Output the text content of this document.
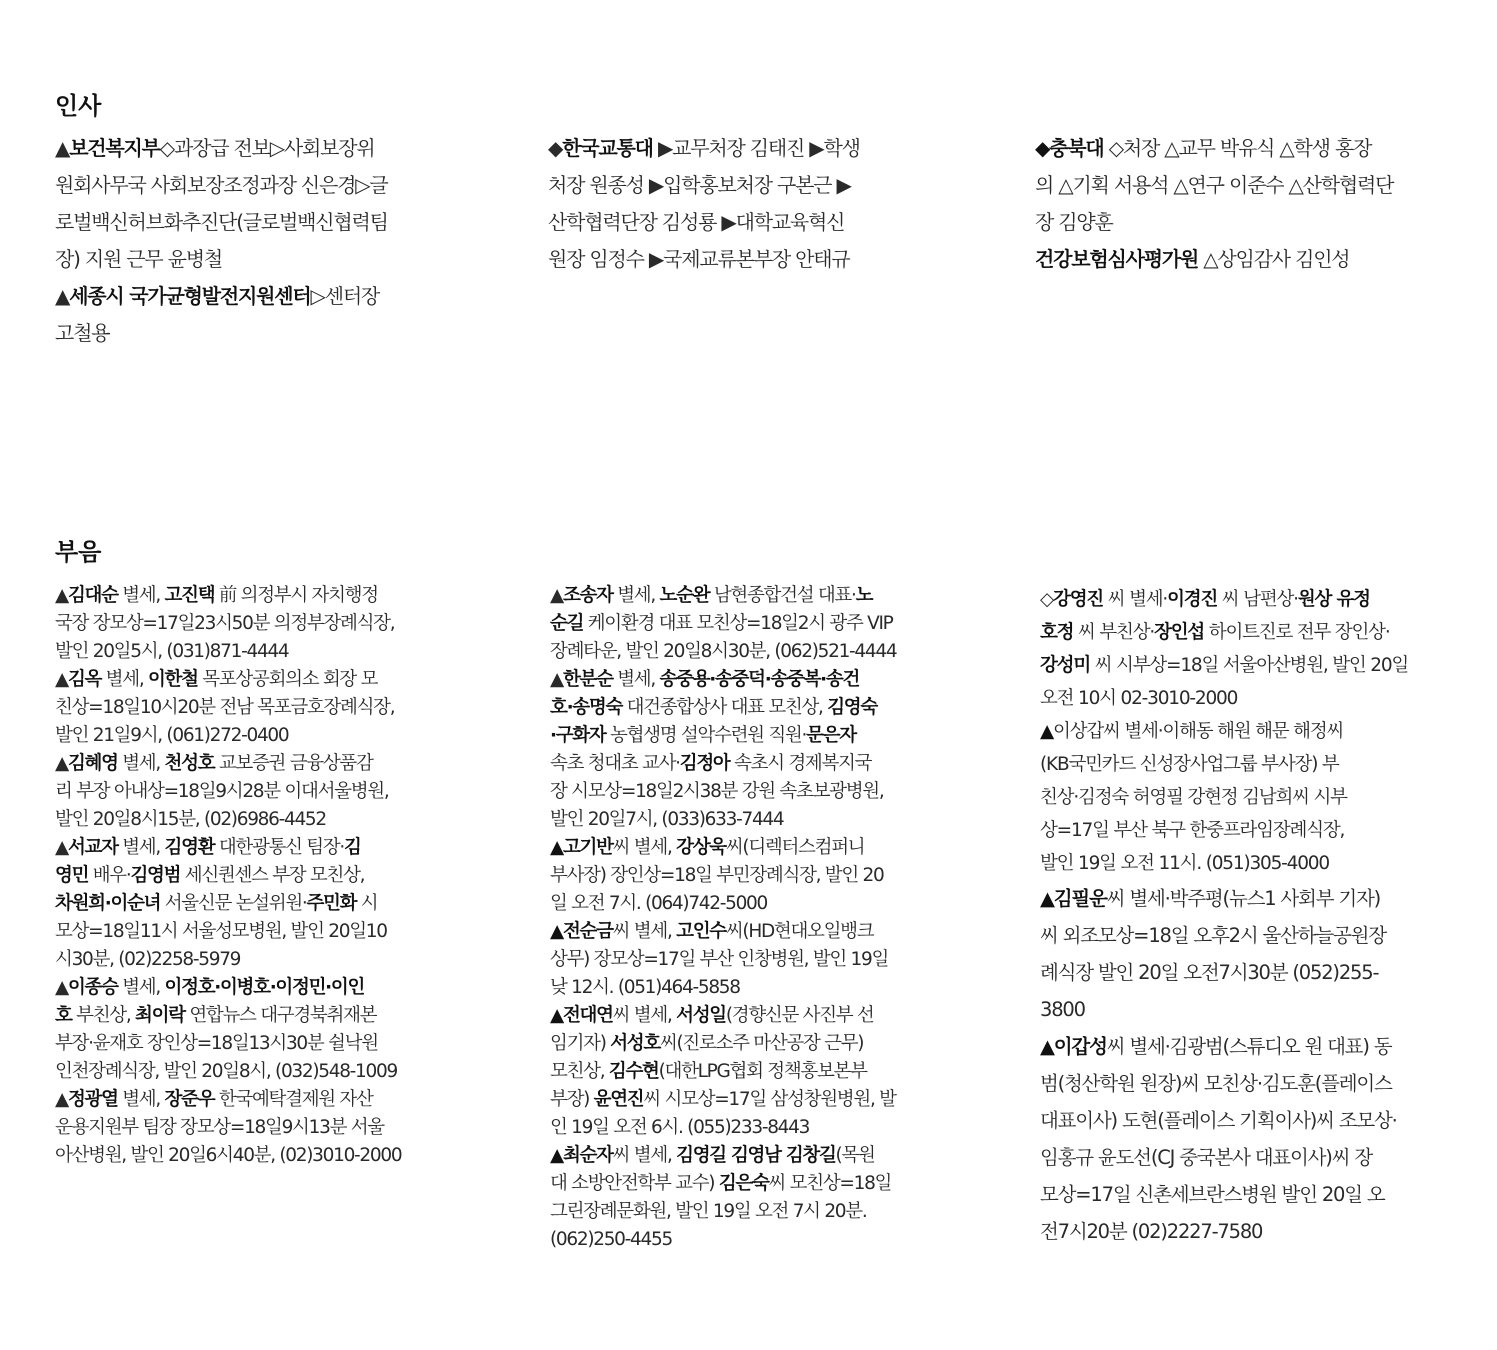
인사
▲보건복지부◇과장급 전보▷사회보장위
원회사무국 사회보장조정과장 신은경▷글
로벌백신허브화추진단(글로벌백신협력팀
장) 지원 근무 윤병철
▲세종시 국가균형발전지원센터▷센터장
고철용
◆한국교통대 ▶교무처장 김태진 ▶학생
처장 원종성 ▶입학홍보처장 구본근 ▶
산학협력단장 김성룡 ▶대학교육혁신
원장 임정수 ▶국제교류본부장 안태규
◆충북대 ◇처장 △교무 박유식 △학생 홍장
의 △기획 서용석 △연구 이준수 △산학협력단
장 김양훈
건강보험심사평가원 △상임감사 김인성
부음
▲김대순 별세, 고진택 前 의정부시 자치행정
국장 장모상=17일23시50분 의정부장례식장,
발인 20일5시, (031)871-4444
▲김옥 별세, 이한철 목포상공회의소 회장 모
친상=18일10시20분 전남 목포금호장례식장,
발인 21일9시, (061)272-0400
▲김혜영 별세, 천성호 교보증권 금융상품감
리 부장 아내상=18일9시28분 이대서울병원,
발인 20일8시15분, (02)6986-4452
▲서교자 별세, 김영환 대한광통신 팀장·김
영민 배우·김영범 세신퀀센스 부장 모친상,
차원희·이순녀 서울신문 논설위원·주민화 시
모상=18일11시 서울성모병원, 발인 20일10
시30분, (02)2258-5979
▲이종승 별세, 이정호·이병호·이정민·이인
호 부친상, 최이락 연합뉴스 대구경북취재본
부장·윤재호 장인상=18일13시30분 쉴낙원
인천장례식장, 발인 20일8시, (032)548-1009
▲정광열 별세, 장준우 한국예탁결제원 자산
운용지원부 팀장 장모상=18일9시13분 서울
아산병원, 발인 20일6시40분, (02)3010-2000
▲조송자 별세, 노순완 남현종합건설 대표·노
순길 케이환경 대표 모친상=18일2시 광주 VIP
장례타운, 발인 20일8시30분, (062)521-4444
▲한분순 별세, 송중용·송중덕·송중복·송건
호·송명숙 대건종합상사 대표 모친상, 김영숙
·구화자 농협생명 설악수련원 직원·문은자
속초 청대초 교사·김정아 속초시 경제복지국
장 시모상=18일2시38분 강원 속초보광병원,
발인 20일7시, (033)633-7444
▲고기반씨 별세, 강상욱씨(디렉터스컴퍼니
부사장) 장인상=18일 부민장례식장, 발인 20
일 오전 7시. (064)742-5000
▲전순금씨 별세, 고인수씨(HD현대오일뱅크
상무) 장모상=17일 부산 인창병원, 발인 19일
낮 12시. (051)464-5858
▲전대연씨 별세, 서성일(경향신문 사진부 선
임기자) 서성호씨(진로소주 마산공장 근무)
모친상, 김수현(대한LPG협회 정책홍보본부
부장) 윤연진씨 시모상=17일 삼성창원병원, 발
인 19일 오전 6시. (055)233-8443
▲최순자씨 별세, 김영길 김영남 김창길(목원
대 소방안전학부 교수) 김은숙씨 모친상=18일
그린장례문화원, 발인 19일 오전 7시 20분.
(062)250-4455
◇강영진 씨 별세·이경진 씨 남편상·원상 유정
호정 씨 부친상·장인섭 하이트진로 전무 장인상·
강성미 씨 시부상=18일 서울아산병원, 발인 20일
오전 10시 02-3010-2000
▲이상갑씨 별세·이해동 해원 해문 해정씨
(KB국민카드 신성장사업그룹 부사장) 부
친상·김정숙 허영필 강현정 김남희씨 시부
상=17일 부산 북구 한중프라임장례식장,
발인 19일 오전 11시. (051)305-4000
▲김필운씨 별세·박주평(뉴스1 사회부 기자)
씨 외조모상=18일 오후2시 울산하늘공원장
례식장 발인 20일 오전7시30분 (052)255-
3800
▲이갑성씨 별세·김광범(스튜디오 원 대표) 동
범(청산학원 원장)씨 모친상·김도훈(플레이스
대표이사) 도현(플레이스 기획이사)씨 조모상·
임홍규 윤도선(CJ 중국본사 대표이사)씨 장
모상=17일 신촌세브란스병원 발인 20일 오
전7시20분 (02)2227-7580
